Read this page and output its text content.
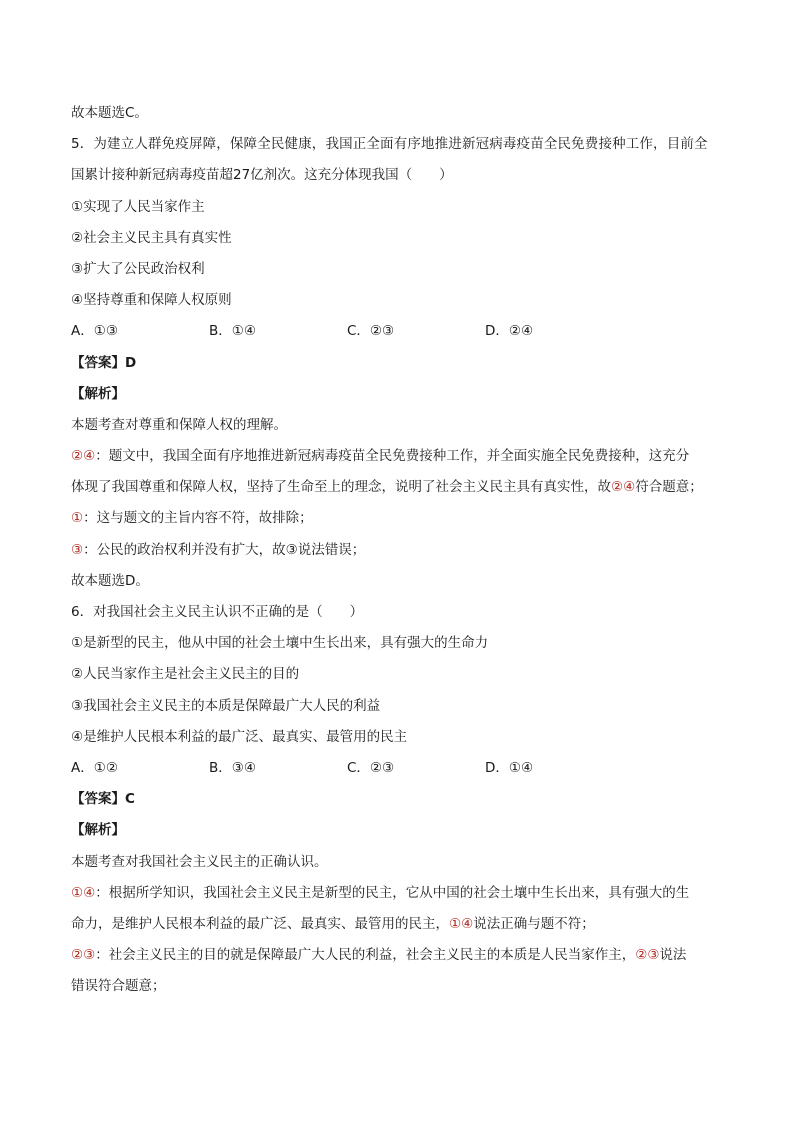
故本题选C。
5．为建立人群免疫屏障，保障全民健康，我国正全面有序地推进新冠病毒疫苗全民免费接种工作，目前全
国累计接种新冠病毒疫苗超27亿剂次。这充分体现我国（　　）
①实现了人民当家作主
②社会主义民主具有真实性
③扩大了公民政治权利
④坚持尊重和保障人权原则
A．①③	B．①④	C．②③	D．②④
【答案】D
【解析】
本题考查对尊重和保障人权的理解。
②④：题文中，我国全面有序地推进新冠病毒疫苗全民免费接种工作，并全面实施全民免费接种，这充分
体现了我国尊重和保障人权，坚持了生命至上的理念，说明了社会主义民主具有真实性，故②④符合题意；
①：这与题文的主旨内容不符，故排除；
③：公民的政治权利并没有扩大，故③说法错误；
故本题选D。
6．对我国社会主义民主认识不正确的是（　　）
①是新型的民主，他从中国的社会土壤中生长出来，具有强大的生命力
②人民当家作主是社会主义民主的目的
③我国社会主义民主的本质是保障最广大人民的利益
④是维护人民根本利益的最广泛、最真实、最管用的民主
A．①②	B．③④	C．②③	D．①④
【答案】C
【解析】
本题考查对我国社会主义民主的正确认识。
①④：根据所学知识，我国社会主义民主是新型的民主，它从中国的社会土壤中生长出来，具有强大的生
命力，是维护人民根本利益的最广泛、最真实、最管用的民主，①④说法正确与题不符；
②③：社会主义民主的目的就是保障最广大人民的利益，社会主义民主的本质是人民当家作主，②③说法
错误符合题意；
